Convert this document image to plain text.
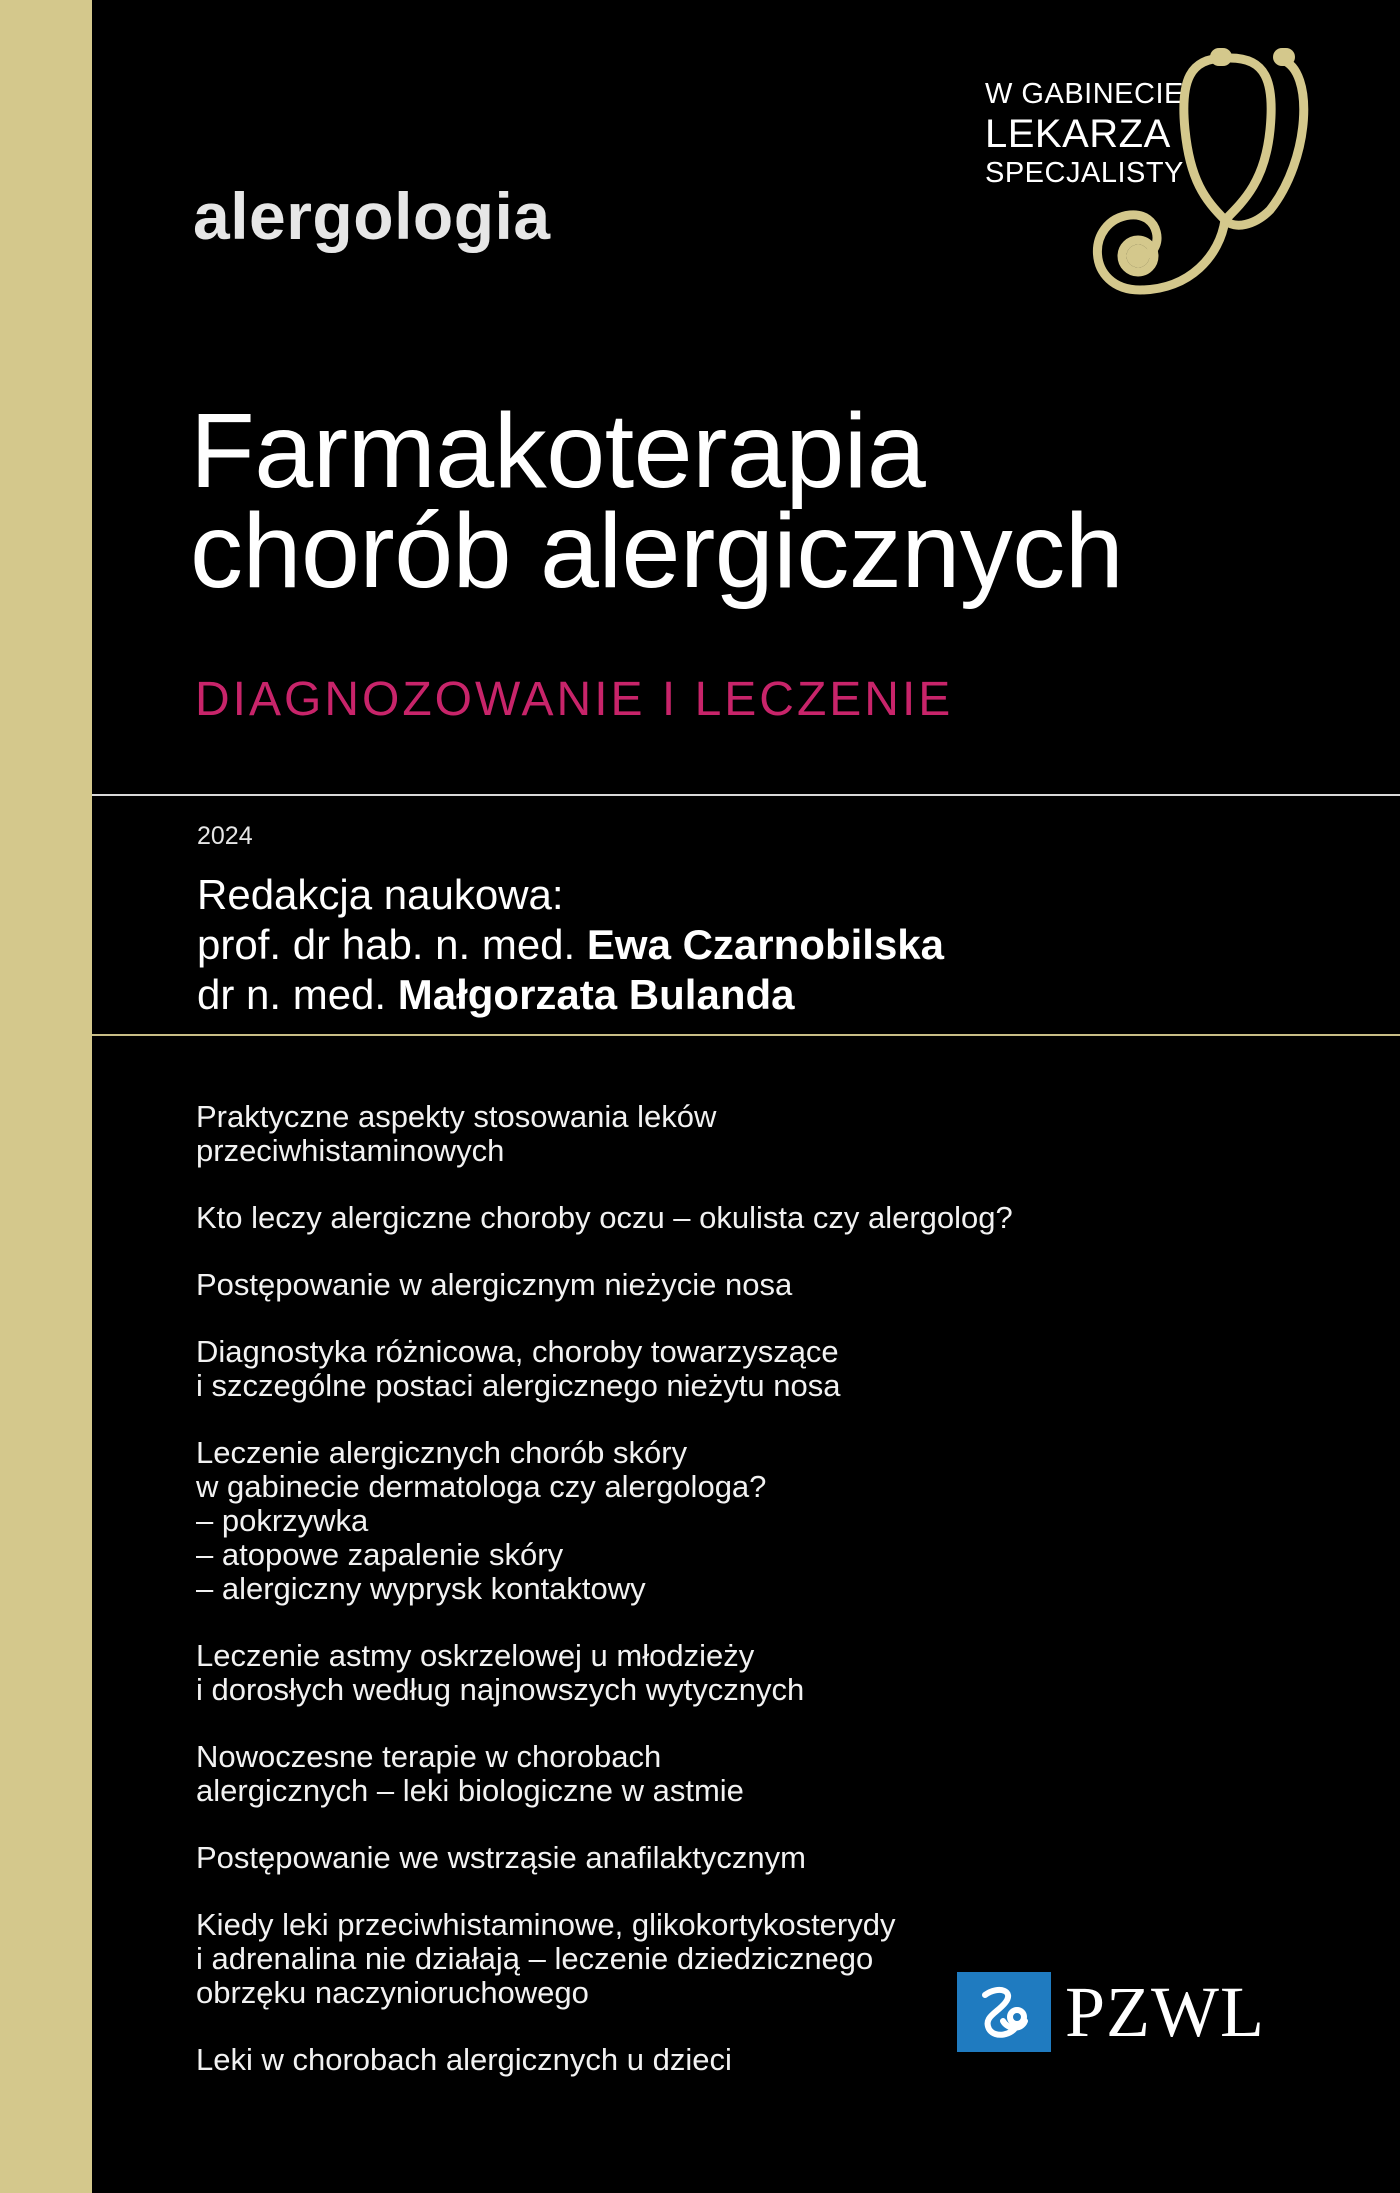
W GABINECIE
LEKARZA
SPECJALISTY
alergologia
Farmakoterapia
chorób alergicznych
DIAGNOZOWANIE I LECZENIE
2024
Redakcja naukowa:
prof. dr hab. n. med. Ewa Czarnobilska
dr n. med. Małgorzata Bulanda
Praktyczne aspekty stosowania leków
przeciwhistaminowych
Kto leczy alergiczne choroby oczu – okulista czy alergolog?
Postępowanie w alergicznym nieżycie nosa
Diagnostyka różnicowa, choroby towarzyszące
i szczególne postaci alergicznego nieżytu nosa
Leczenie alergicznych chorób skóry
w gabinecie dermatologa czy alergologa?
– pokrzywka
– atopowe zapalenie skóry
– alergiczny wyprysk kontaktowy
Leczenie astmy oskrzelowej u młodzieży
i dorosłych według najnowszych wytycznych
Nowoczesne terapie w chorobach
alergicznych – leki biologiczne w astmie
Postępowanie we wstrząsie anafilaktycznym
Kiedy leki przeciwhistaminowe, glikokortykosterydy
i adrenalina nie działają – leczenie dziedzicznego
obrzęku naczynioruchowego
Leki w chorobach alergicznych u dzieci
PZWL
